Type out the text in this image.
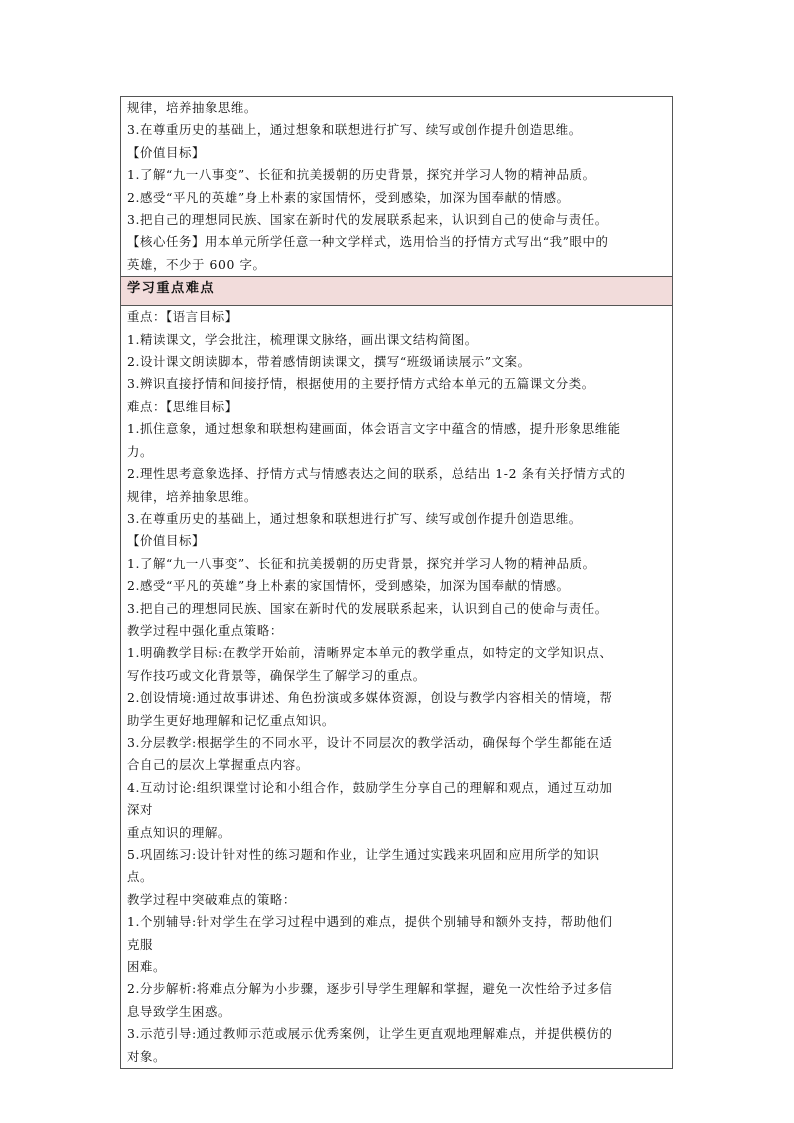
规律，培养抽象思维。
3.在尊重历史的基础上，通过想象和联想进行扩写、续写或创作提升创造思维。
【价值目标】
1.了解“九一八事变”、长征和抗美援朝的历史背景，探究并学习人物的精神品质。
2.感受“平凡的英雄”身上朴素的家国情怀，受到感染，加深为国奉献的情感。
3.把自己的理想同民族、国家在新时代的发展联系起来，认识到自己的使命与责任。
【核心任务】用本单元所学任意一种文学样式，选用恰当的抒情方式写出“我”眼中的
英雄，不少于 600 字。

学习重点难点

重点：【语言目标】
1.精读课文，学会批注，梳理课文脉络，画出课文结构简图。
2.设计课文朗读脚本，带着感情朗读课文，撰写“班级诵读展示”文案。
3.辨识直接抒情和间接抒情，根据使用的主要抒情方式给本单元的五篇课文分类。
难点：【思维目标】
1.抓住意象，通过想象和联想构建画面，体会语言文字中蕴含的情感，提升形象思维能
力。
2.理性思考意象选择、抒情方式与情感表达之间的联系，总结出 1-2 条有关抒情方式的
规律，培养抽象思维。
3.在尊重历史的基础上，通过想象和联想进行扩写、续写或创作提升创造思维。
【价值目标】
1.了解“九一八事变”、长征和抗美援朝的历史背景，探究并学习人物的精神品质。
2.感受“平凡的英雄”身上朴素的家国情怀，受到感染，加深为国奉献的情感。
3.把自己的理想同民族、国家在新时代的发展联系起来，认识到自己的使命与责任。
教学过程中强化重点策略：
1.明确教学目标:在教学开始前，清晰界定本单元的教学重点，如特定的文学知识点、
写作技巧或文化背景等，确保学生了解学习的重点。
2.创设情境:通过故事讲述、角色扮演或多媒体资源，创设与教学内容相关的情境，帮
助学生更好地理解和记忆重点知识。
3.分层教学:根据学生的不同水平，设计不同层次的教学活动，确保每个学生都能在适
合自己的层次上掌握重点内容。
4.互动讨论:组织课堂讨论和小组合作，鼓励学生分享自己的理解和观点，通过互动加
深对
重点知识的理解。
5.巩固练习:设计针对性的练习题和作业，让学生通过实践来巩固和应用所学的知识
点。
教学过程中突破难点的策略：
1.个别辅导:针对学生在学习过程中遇到的难点，提供个别辅导和额外支持，帮助他们
克服
困难。
2.分步解析:将难点分解为小步骤，逐步引导学生理解和掌握，避免一次性给予过多信
息导致学生困惑。
3.示范引导:通过教师示范或展示优秀案例，让学生更直观地理解难点，并提供模仿的
对象。
